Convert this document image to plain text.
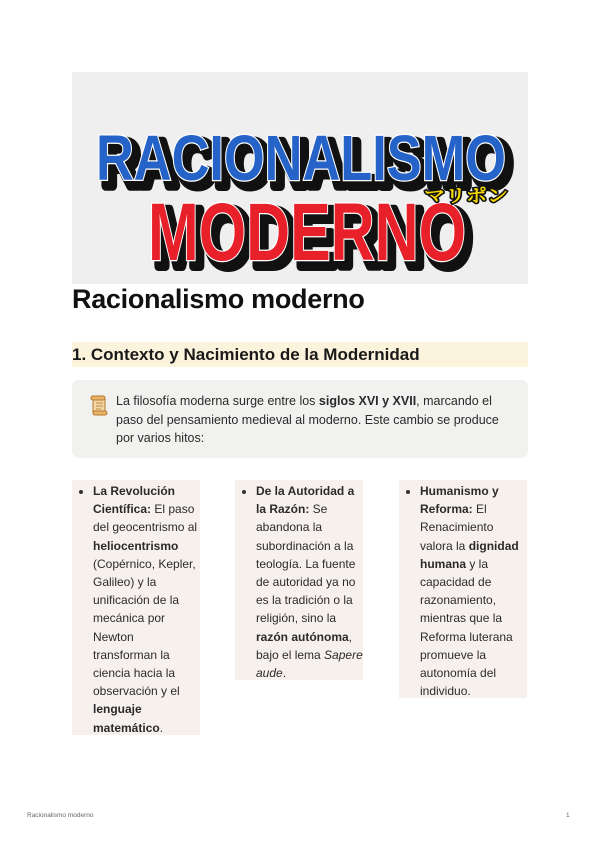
RACIONALISMO
RACIONALISMO
MODERNO
MODERNO
マリポン
Racionalismo moderno
1. Contexto y Nacimiento de la Modernidad
La filosofía moderna surge entre los siglos XVI y XVII, marcando el paso del pensamiento medieval al moderno. Este cambio se produce por varios hitos:
• La Revolución Científica: El paso del geocentrismo al heliocentrismo (Copérnico, Kepler, Galileo) y la unificación de la mecánica por Newton transforman la ciencia hacia la observación y el lenguaje matemático.
• De la Autoridad a la Razón: Se abandona la subordinación a la teología. La fuente de autoridad ya no es la tradición o la religión, sino la razón autónoma, bajo el lema Sapere aude.
• Humanismo y Reforma: El Renacimiento valora la dignidad humana y la capacidad de razonamiento, mientras que la Reforma luterana promueve la autonomía del individuo.
Racionalismo moderno	1
